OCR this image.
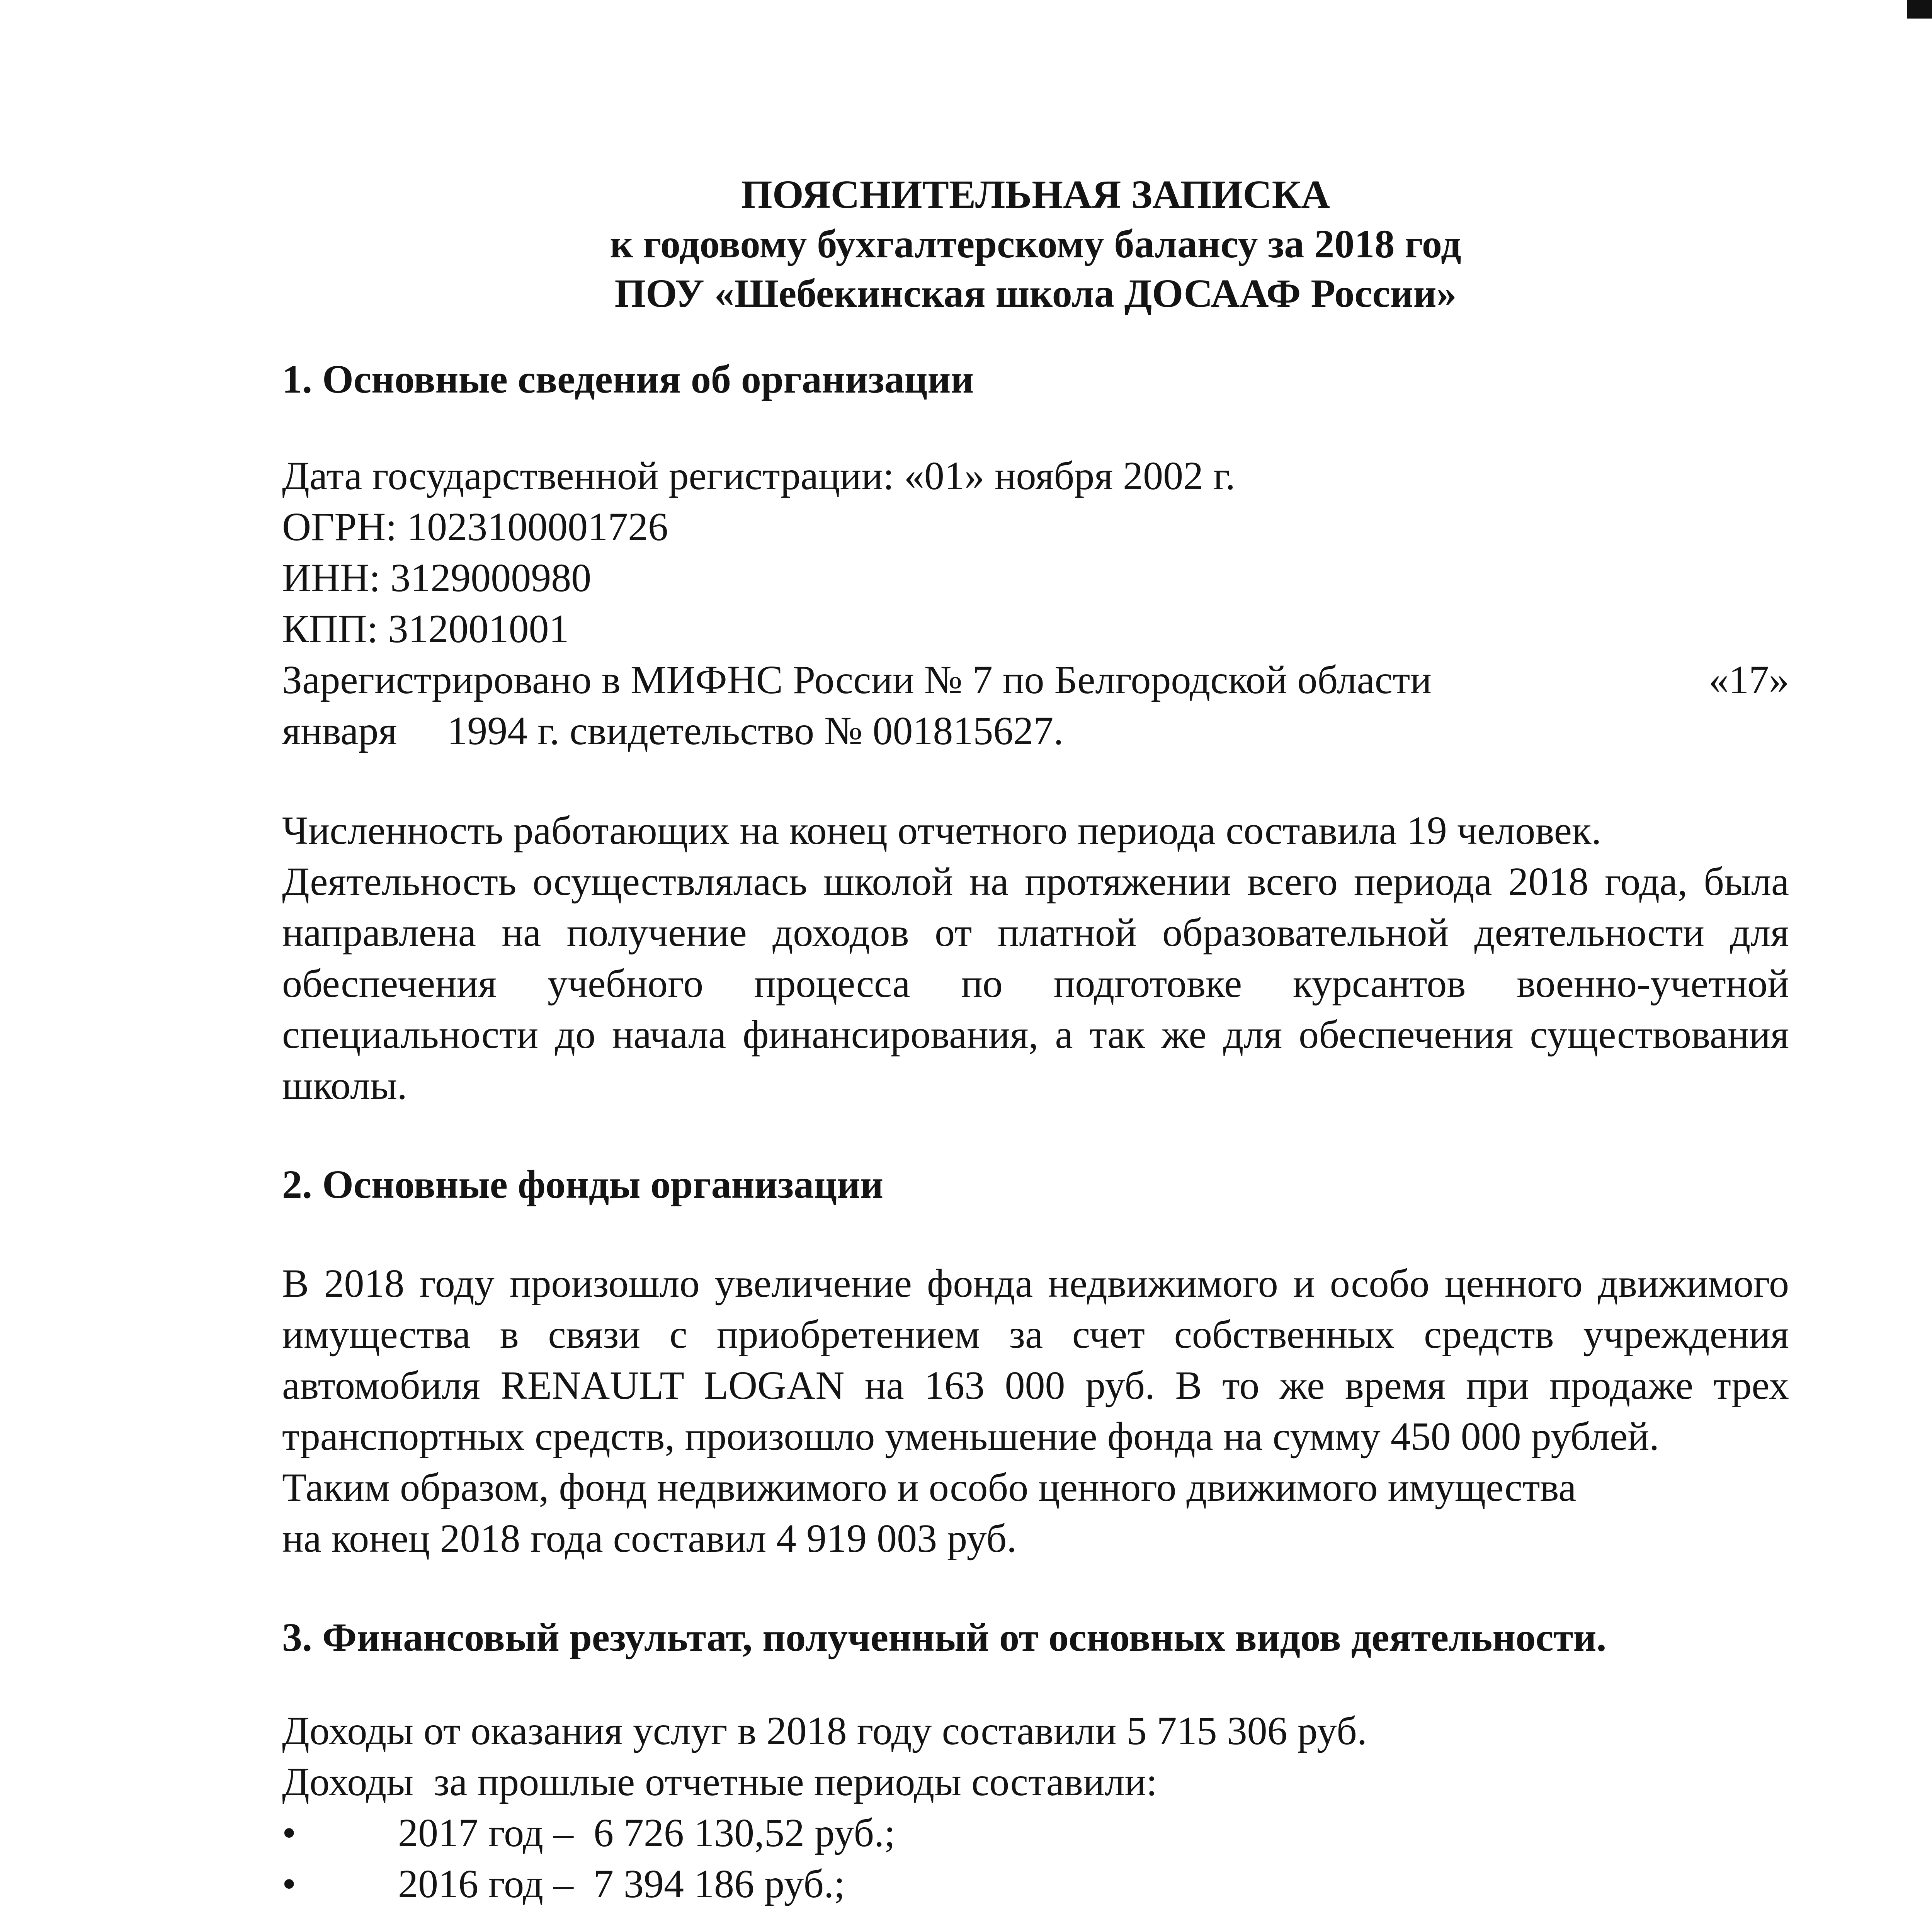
ПОЯСНИТЕЛЬНАЯ ЗАПИСКА
к годовому бухгалтерскому балансу за 2018 год
ПОУ «Шебекинская школа ДОСААФ России»
1. Основные сведения об организации
Дата государственной регистрации: «01» ноября 2002 г.
ОГРН: 1023100001726
ИНН: 3129000980
КПП: 312001001
Зарегистрировано в МИФНС России № 7 по Белгородской области	«17»
января     1994 г. свидетельство № 001815627.
Численность работающих на конец отчетного периода составила 19 человек.
Деятельность осуществлялась школой на протяжении всего периода 2018 года, была направлена на получение доходов от платной образовательной деятельности для обеспечения учебного процесса по подготовке курсантов военно-учетной специальности до начала финансирования, а так же для обеспечения существования школы.
2. Основные фонды организации
В 2018 году произошло увеличение фонда недвижимого и особо ценного движимого имущества в связи с приобретением за счет собственных средств учреждения автомобиля RENAULT LOGAN на 163 000 руб. В то же время при продаже трех транспортных средств, произошло уменьшение фонда на сумму 450 000 рублей.
Таким образом, фонд недвижимого и особо ценного движимого имущества
на конец 2018 года составил 4 919 003 руб.
3. Финансовый результат, полученный от основных видов деятельности.
Доходы от оказания услуг в 2018 году составили 5 715 306 руб.
Доходы  за прошлые отчетные периоды составили:
•	2017 год –  6 726 130,52 руб.;
•	2016 год –  7 394 186 руб.;
